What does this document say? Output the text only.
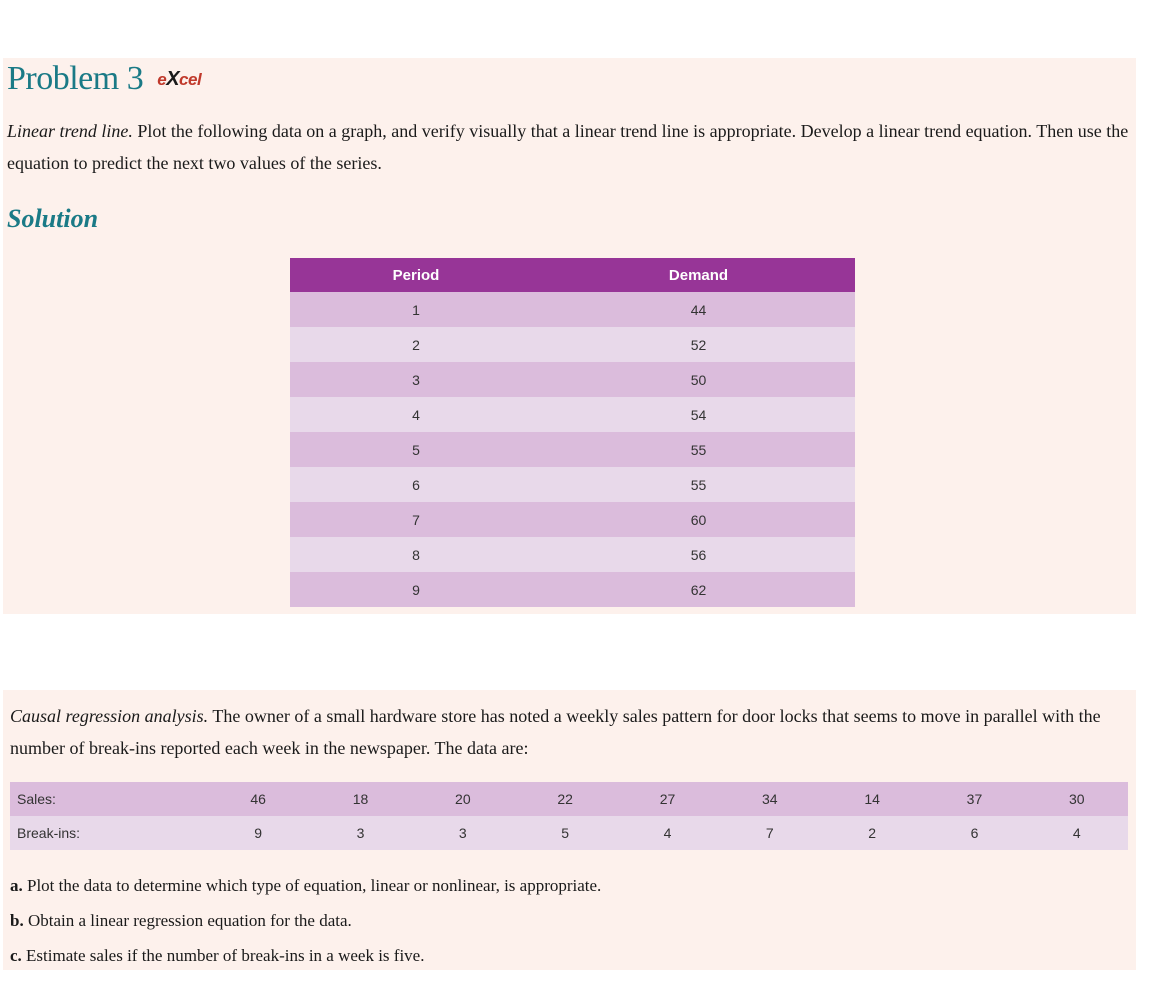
Problem 3 eXcel
Linear trend line. Plot the following data on a graph, and verify visually that a linear trend line is appropriate. Develop a linear trend equation. Then use the equation to predict the next two values of the series.
Solution
Period	Demand
1	44
2	52
3	50
4	54
5	55
6	55
7	60
8	56
9	62
Causal regression analysis. The owner of a small hardware store has noted a weekly sales pattern for door locks that seems to move in parallel with the number of break-ins reported each week in the newspaper. The data are:
Sales:	46	18	20	22	27	34	14	37	30
Break-ins:	9	3	3	5	4	7	2	6	4
a. Plot the data to determine which type of equation, linear or nonlinear, is appropriate.
b. Obtain a linear regression equation for the data.
c. Estimate sales if the number of break-ins in a week is five.
